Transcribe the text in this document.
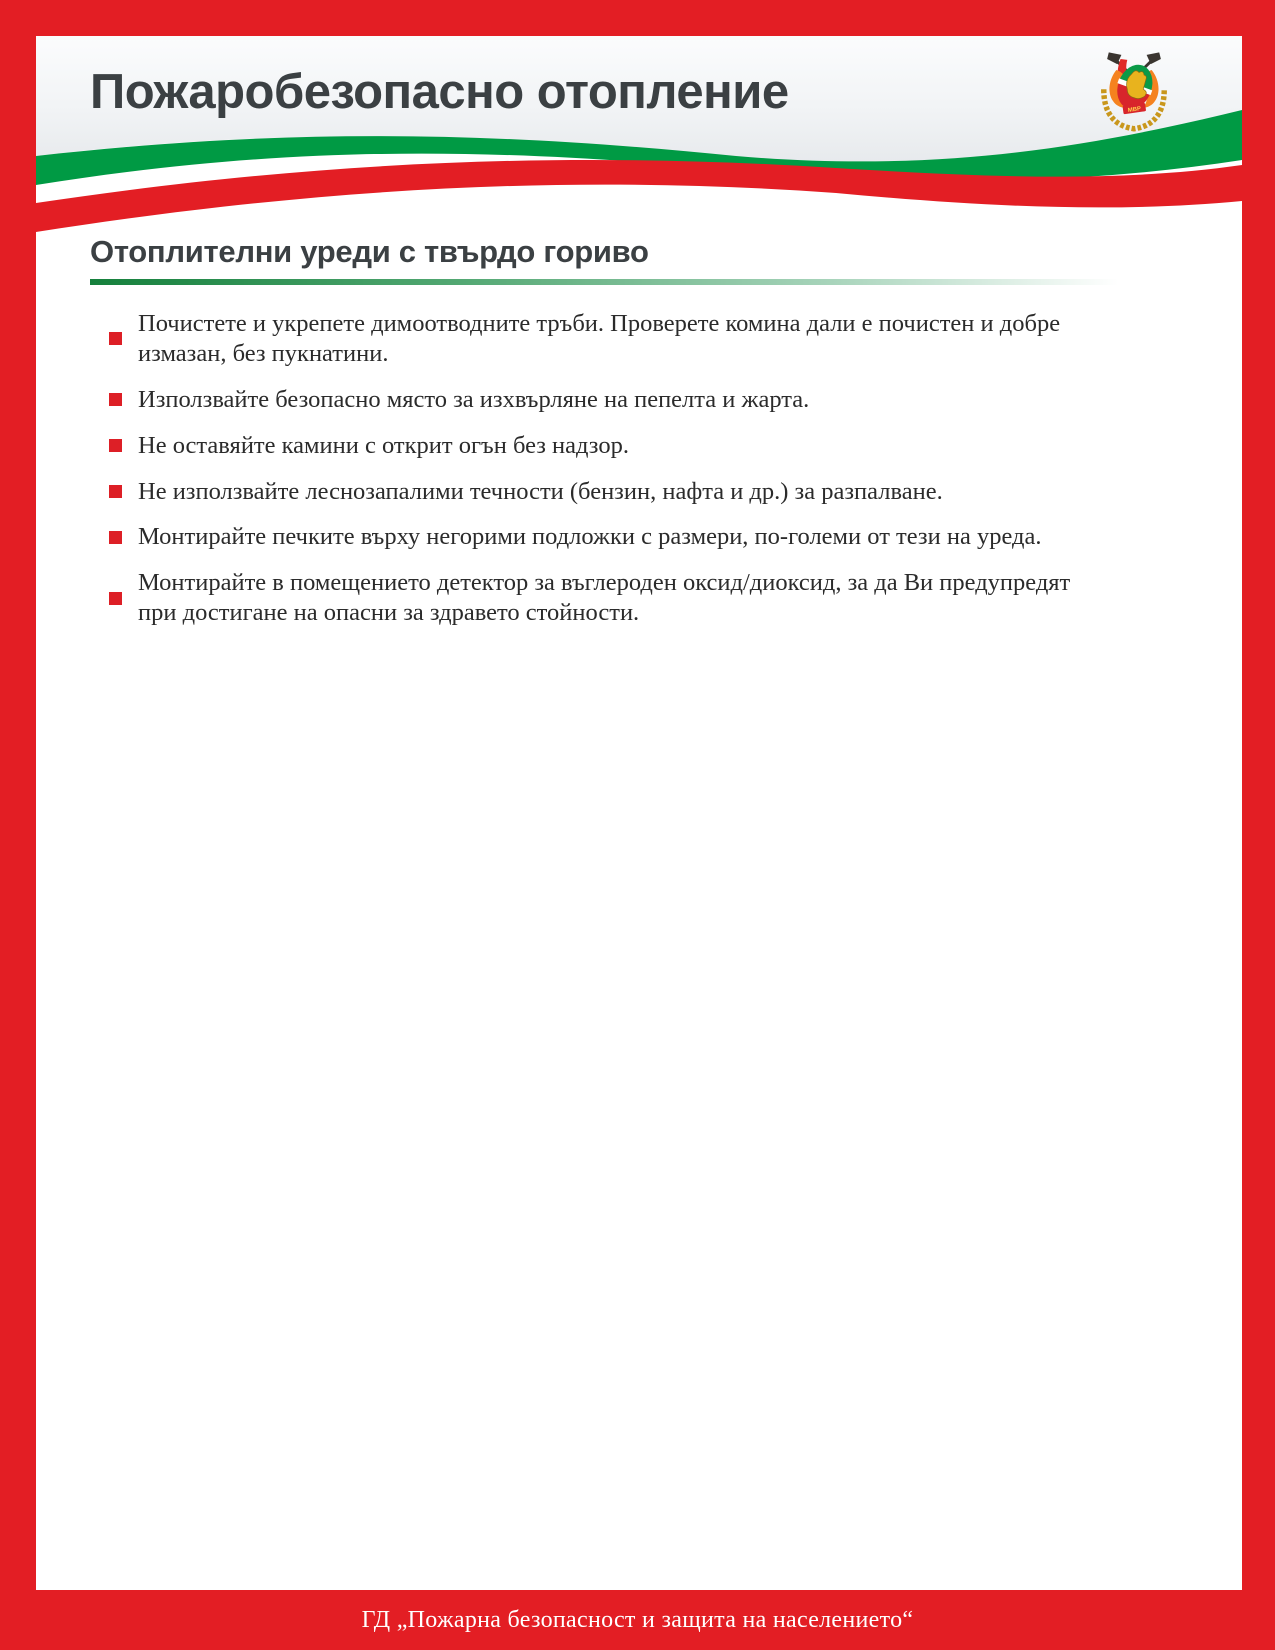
Пожаробезопасно отопление	МВР
Отоплителни уреди с твърдо гориво
Почистете и укрепете димоотводните тръби. Проверете комина дали е почистен и добре измазан, без пукнатини.
Използвайте безопасно място за изхвърляне на пепелта и жарта.
Не оставяйте камини с открит огън без надзор.
Не използвайте леснозапалими течности (бензин, нафта и др.) за разпалване.
Монтирайте печките върху негорими подложки с размери, по-големи от тези на уреда.
Монтирайте в помещението детектор за въглероден оксид/диоксид, за да Ви предупредят при достигане на опасни за здравето стойности.
ГД „Пожарна безопасност и защита на населението“
